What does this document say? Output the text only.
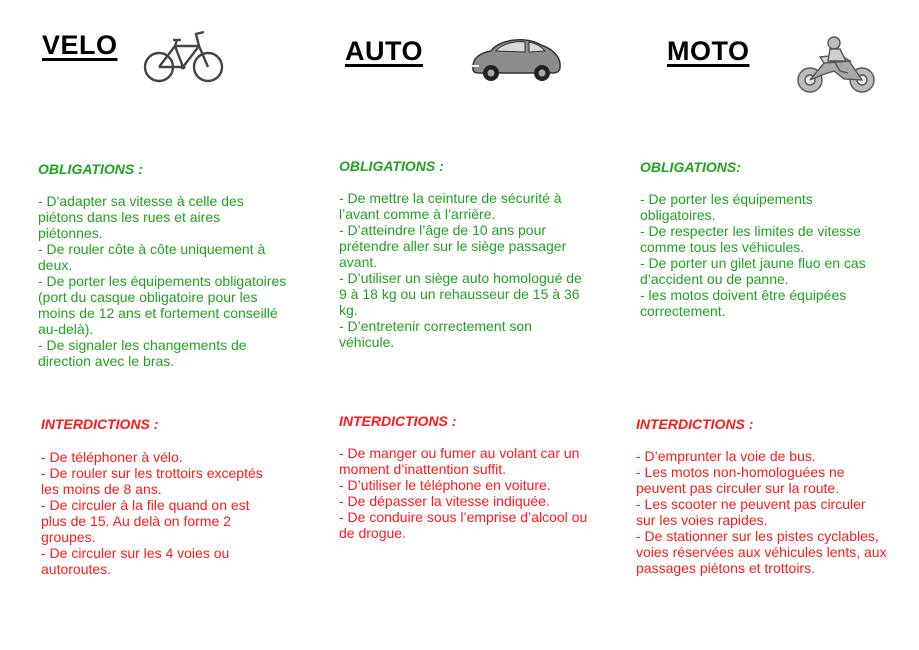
VELO
OBLIGATIONS :
- D'adapter sa vitesse à celle des piétons dans les rues et aires piétonnes.
- De rouler côte à côte uniquement à deux.
- De porter les équipements obligatoires (port du casque obligatoire pour les moins de 12 ans et fortement conseillé au-delà).
- De signaler les changements de direction avec le bras.
INTERDICTIONS :
- De téléphoner à vélo.
- De rouler sur les trottoirs exceptés les moins de 8 ans.
- De circuler à la file quand on est plus de 15. Au delà on forme 2 groupes.
- De circuler sur les 4 voies ou autoroutes.
AUTO
OBLIGATIONS :
- De mettre la ceinture de sécurité à l’avant comme à l’arrière.
- D’atteindre l’âge de 10 ans pour prétendre aller sur le siège passager avant.
- D’utiliser un siège auto homologué de 9 à 18 kg ou un rehausseur de 15 à 36 kg.
- D’entretenir correctement son véhicule.
INTERDICTIONS :
- De manger ou fumer au volant car un moment d’inattention suffit.
- D’utiliser le téléphone en voiture.
- De dépasser la vitesse indiquée.
- De conduire sous l’emprise d’alcool ou de drogue.
MOTO
OBLIGATIONS:
- De porter les équipements obligatoires.
- De respecter les limites de vitesse comme tous les véhicules.
- De porter un gilet jaune fluo en cas d’accident ou de panne.
- les motos doivent être équipées correctement.
INTERDICTIONS :
- D’emprunter la voie de bus.
- Les motos non-homologuées ne peuvent pas circuler sur la route.
- Les scooter ne peuvent pas circuler sur les voies rapides.
- De stationner sur les pistes cyclables, voies réservées aux véhicules lents, aux passages piétons et trottoirs.
